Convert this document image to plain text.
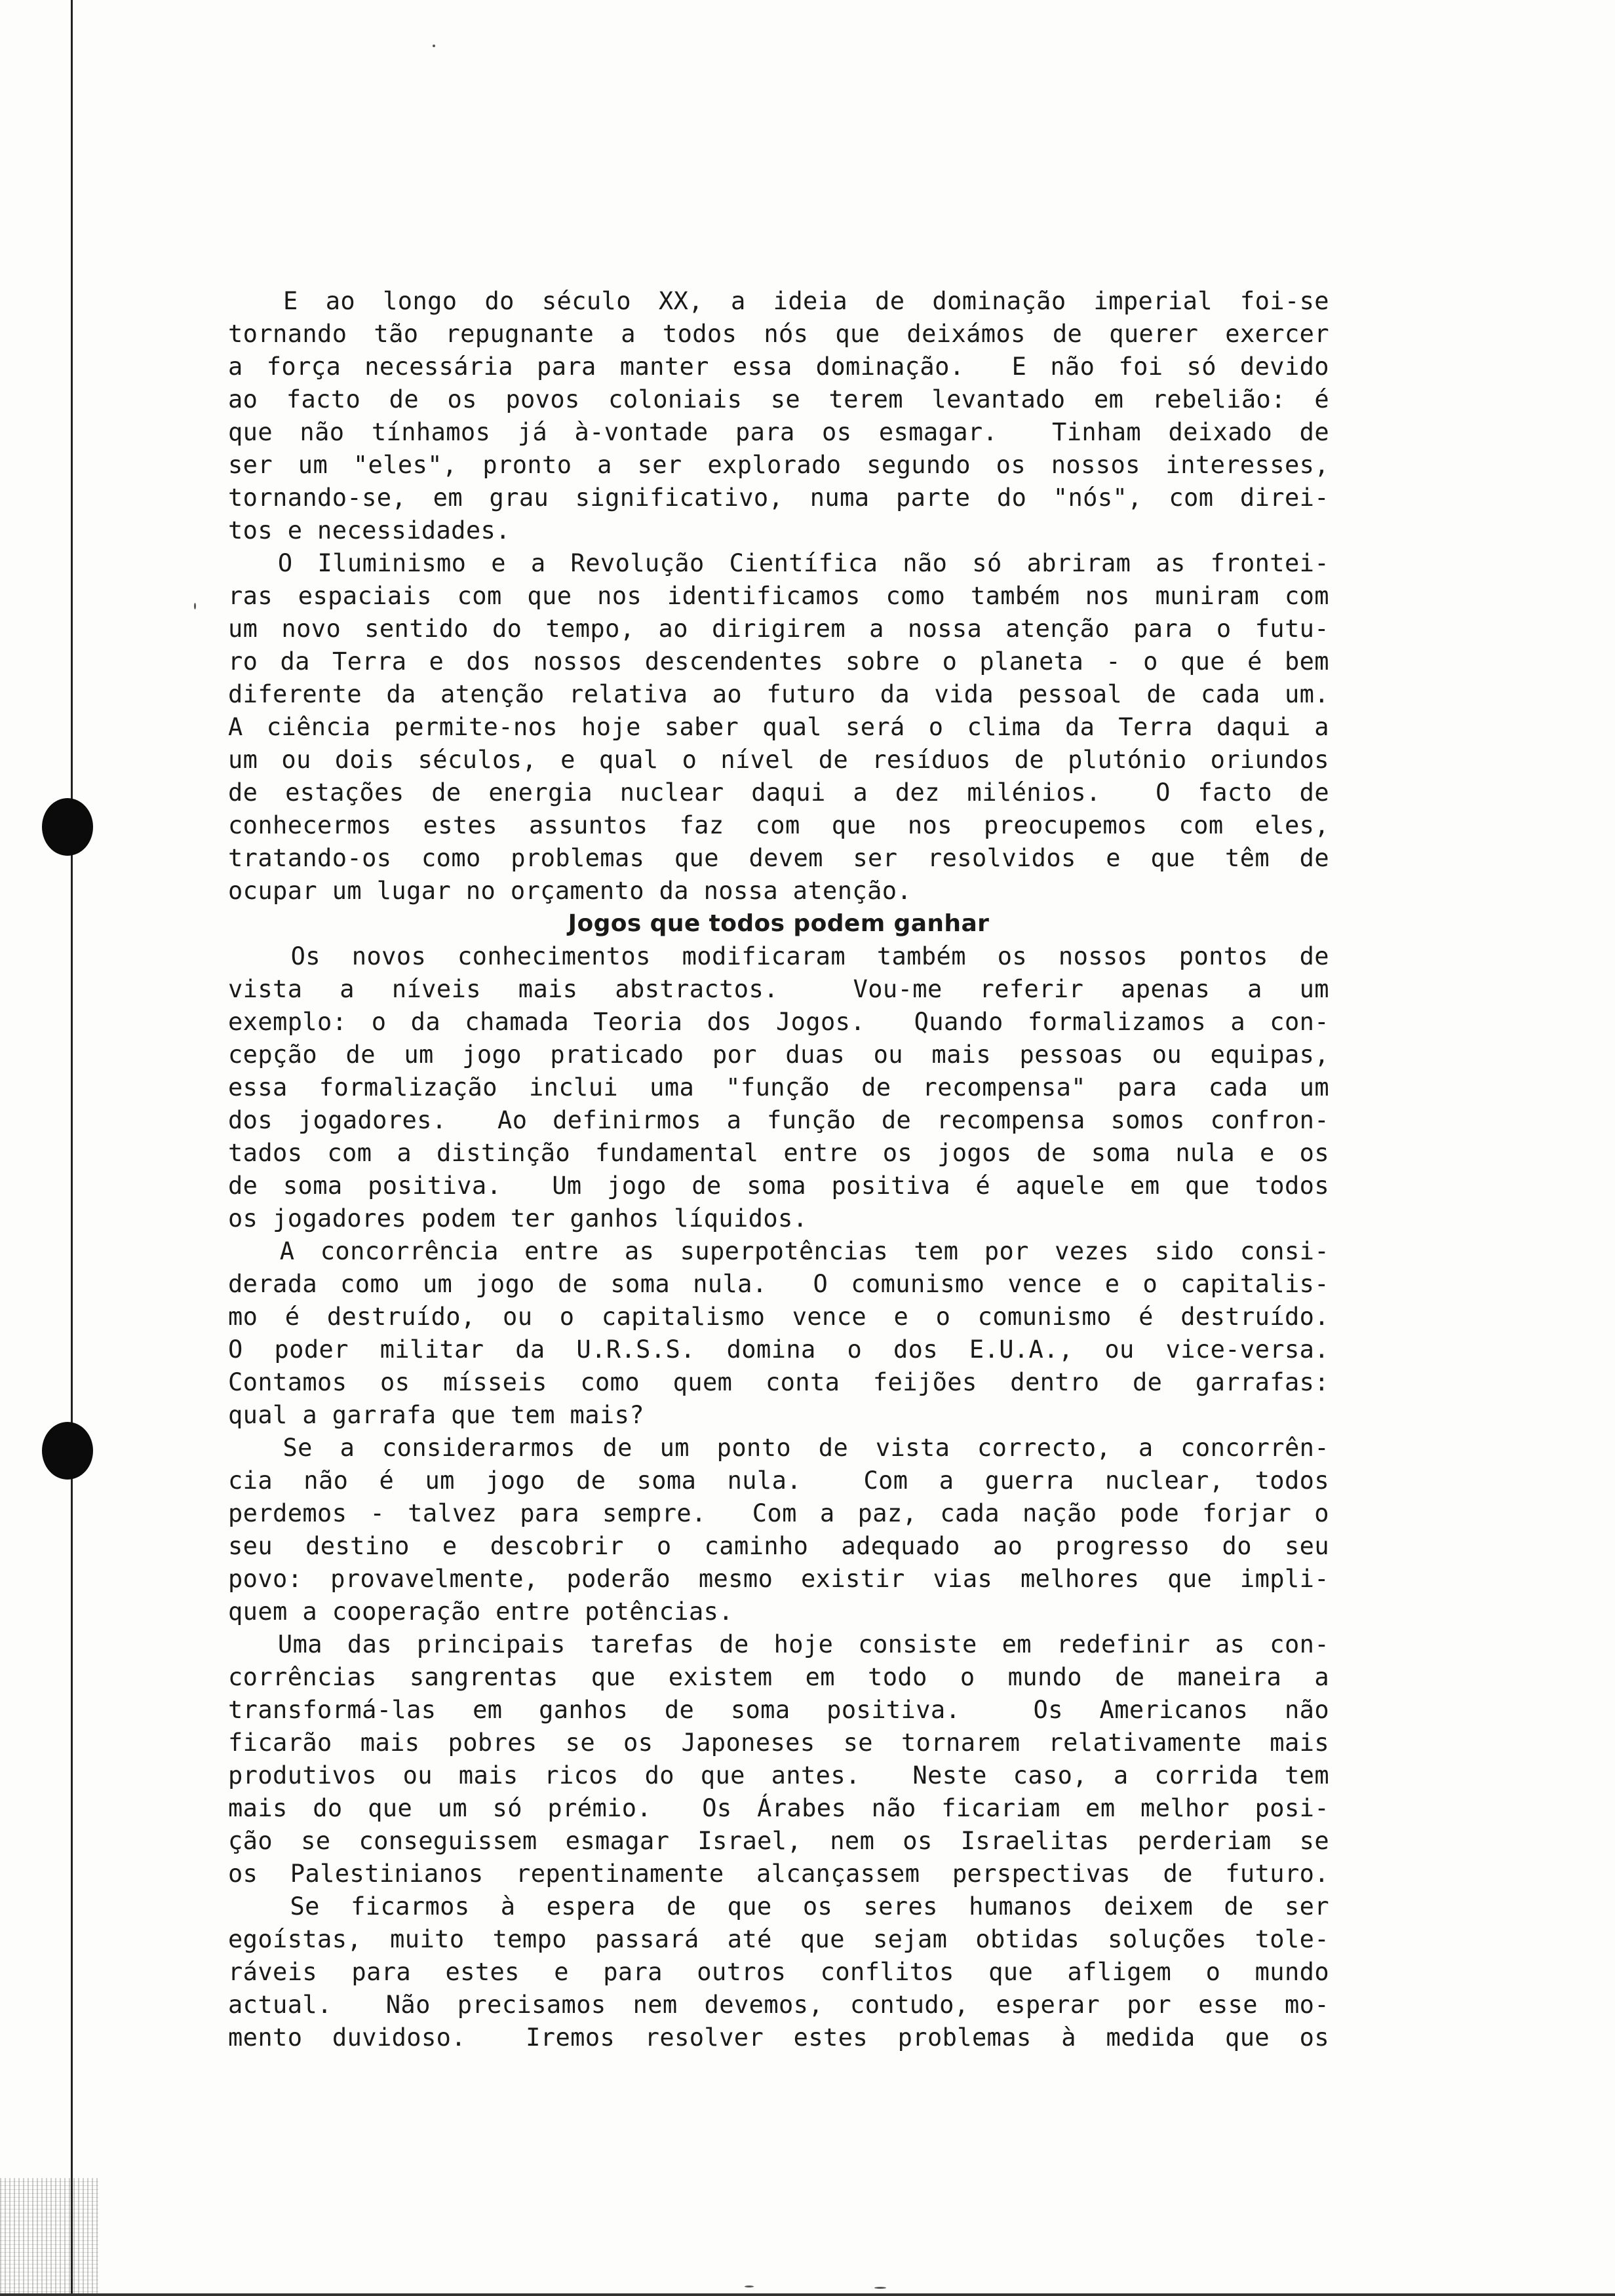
E ao longo do século XX, a ideia de dominação imperial foi-se
tornando tão repugnante a todos nós que deixámos de querer exercer
a força necessária para manter essa dominação.  E não foi só devido
ao facto de os povos coloniais se terem levantado em rebelião: é
que não tínhamos já à-vontade para os esmagar.  Tinham deixado de
ser um "eles", pronto a ser explorado segundo os nossos interesses,
tornando-se, em grau significativo, numa parte do "nós", com direi-
tos e necessidades.
O Iluminismo e a Revolução Científica não só abriram as frontei-
ras espaciais com que nos identificamos como também nos muniram com
um novo sentido do tempo, ao dirigirem a nossa atenção para o futu-
ro da Terra e dos nossos descendentes sobre o planeta - o que é bem
diferente da atenção relativa ao futuro da vida pessoal de cada um.
A ciência permite-nos hoje saber qual será o clima da Terra daqui a
um ou dois séculos, e qual o nível de resíduos de plutónio oriundos
de estações de energia nuclear daqui a dez milénios.  O facto de
conhecermos estes assuntos faz com que nos preocupemos com eles,
tratando-os como problemas que devem ser resolvidos e que têm de
ocupar um lugar no orçamento da nossa atenção.
Jogos que todos podem ganhar
Os novos conhecimentos modificaram também os nossos pontos de
vista a níveis mais abstractos.  Vou-me referir apenas a um
exemplo: o da chamada Teoria dos Jogos.  Quando formalizamos a con-
cepção de um jogo praticado por duas ou mais pessoas ou equipas,
essa formalização inclui uma "função de recompensa" para cada um
dos jogadores.  Ao definirmos a função de recompensa somos confron-
tados com a distinção fundamental entre os jogos de soma nula e os
de soma positiva.  Um jogo de soma positiva é aquele em que todos
os jogadores podem ter ganhos líquidos.
A concorrência entre as superpotências tem por vezes sido consi-
derada como um jogo de soma nula.  O comunismo vence e o capitalis-
mo é destruído, ou o capitalismo vence e o comunismo é destruído.
O poder militar da U.R.S.S. domina o dos E.U.A., ou vice-versa.
Contamos os mísseis como quem conta feijões dentro de garrafas:
qual a garrafa que tem mais?
Se a considerarmos de um ponto de vista correcto, a concorrên-
cia não é um jogo de soma nula.  Com a guerra nuclear, todos
perdemos - talvez para sempre.  Com a paz, cada nação pode forjar o
seu destino e descobrir o caminho adequado ao progresso do seu
povo: provavelmente, poderão mesmo existir vias melhores que impli-
quem a cooperação entre potências.
Uma das principais tarefas de hoje consiste em redefinir as con-
corrências sangrentas que existem em todo o mundo de maneira a
transformá-las em ganhos de soma positiva.  Os Americanos não
ficarão mais pobres se os Japoneses se tornarem relativamente mais
produtivos ou mais ricos do que antes.  Neste caso, a corrida tem
mais do que um só prémio.  Os Árabes não ficariam em melhor posi-
ção se conseguissem esmagar Israel, nem os Israelitas perderiam se
os Palestinianos repentinamente alcançassem perspectivas de futuro.
Se ficarmos à espera de que os seres humanos deixem de ser
egoístas, muito tempo passará até que sejam obtidas soluções tole-
ráveis para estes e para outros conflitos que afligem o mundo
actual.  Não precisamos nem devemos, contudo, esperar por esse mo-
mento duvidoso.  Iremos resolver estes problemas à medida que os
